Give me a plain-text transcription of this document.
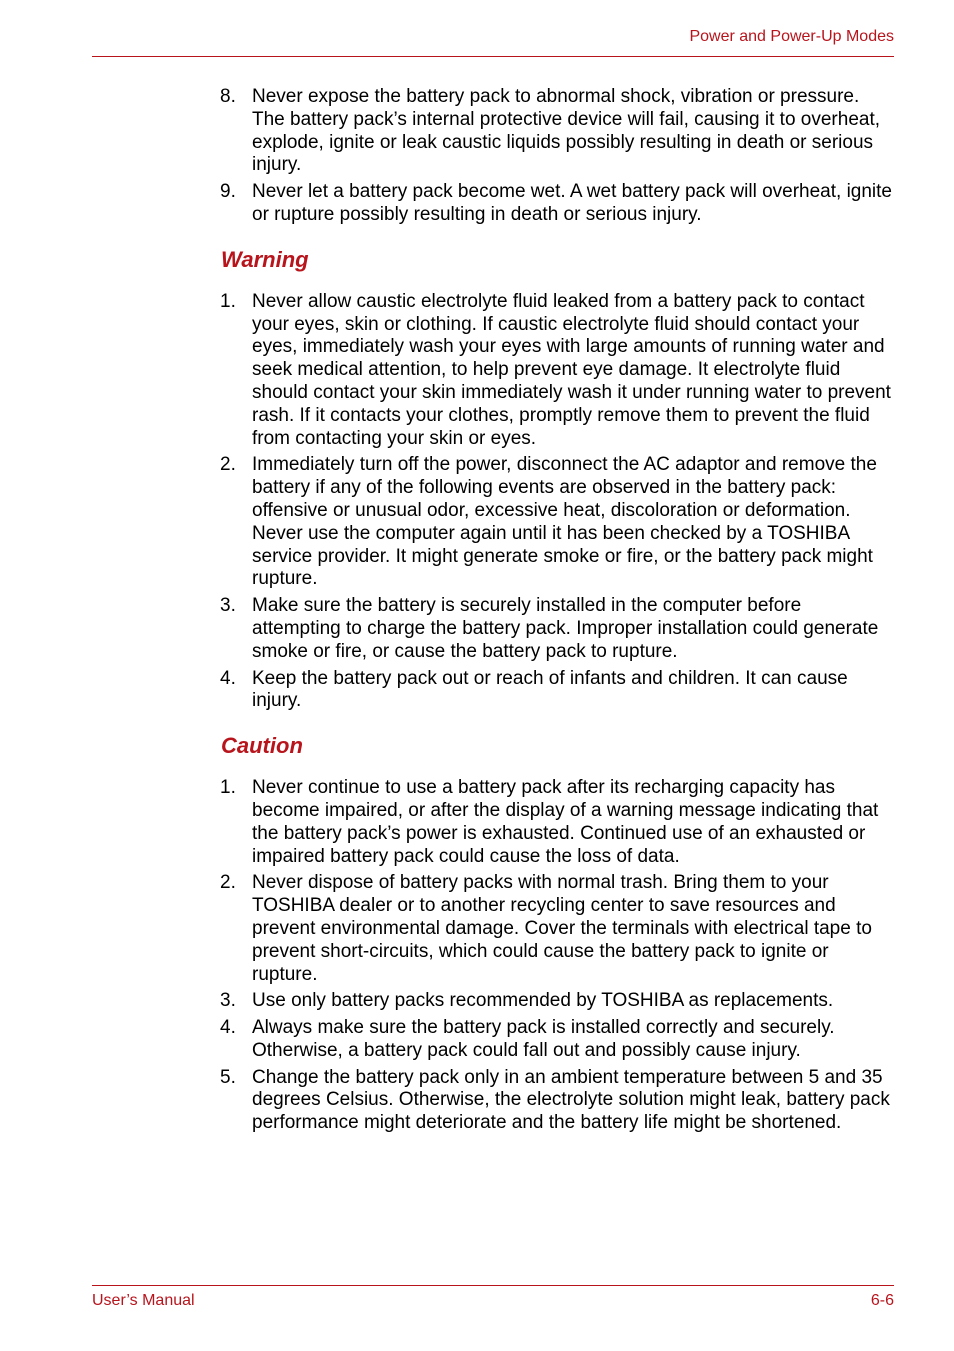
Power and Power-Up Modes
8. Never expose the battery pack to abnormal shock, vibration or pressure. The battery pack’s internal protective device will fail, causing it to overheat, explode, ignite or leak caustic liquids possibly resulting in death or serious injury.
9. Never let a battery pack become wet. A wet battery pack will overheat, ignite or rupture possibly resulting in death or serious injury.
Warning
1. Never allow caustic electrolyte fluid leaked from a battery pack to contact your eyes, skin or clothing. If caustic electrolyte fluid should contact your eyes, immediately wash your eyes with large amounts of running water and seek medical attention, to help prevent eye damage. It electrolyte fluid should contact your skin immediately wash it under running water to prevent rash. If it contacts your clothes, promptly remove them to prevent the fluid from contacting your skin or eyes.
2. Immediately turn off the power, disconnect the AC adaptor and remove the battery if any of the following events are observed in the battery pack: offensive or unusual odor, excessive heat, discoloration or deformation. Never use the computer again until it has been checked by a TOSHIBA service provider. It might generate smoke or fire, or the battery pack might rupture.
3. Make sure the battery is securely installed in the computer before attempting to charge the battery pack. Improper installation could generate smoke or fire, or cause the battery pack to rupture.
4. Keep the battery pack out or reach of infants and children. It can cause injury.
Caution
1. Never continue to use a battery pack after its recharging capacity has become impaired, or after the display of a warning message indicating that the battery pack’s power is exhausted. Continued use of an exhausted or impaired battery pack could cause the loss of data.
2. Never dispose of battery packs with normal trash. Bring them to your TOSHIBA dealer or to another recycling center to save resources and prevent environmental damage. Cover the terminals with electrical tape to prevent short-circuits, which could cause the battery pack to ignite or rupture.
3. Use only battery packs recommended by TOSHIBA as replacements.
4. Always make sure the battery pack is installed correctly and securely. Otherwise, a battery pack could fall out and possibly cause injury.
5. Change the battery pack only in an ambient temperature between 5 and 35 degrees Celsius. Otherwise, the electrolyte solution might leak, battery pack performance might deteriorate and the battery life might be shortened.
User’s Manual	6-6
